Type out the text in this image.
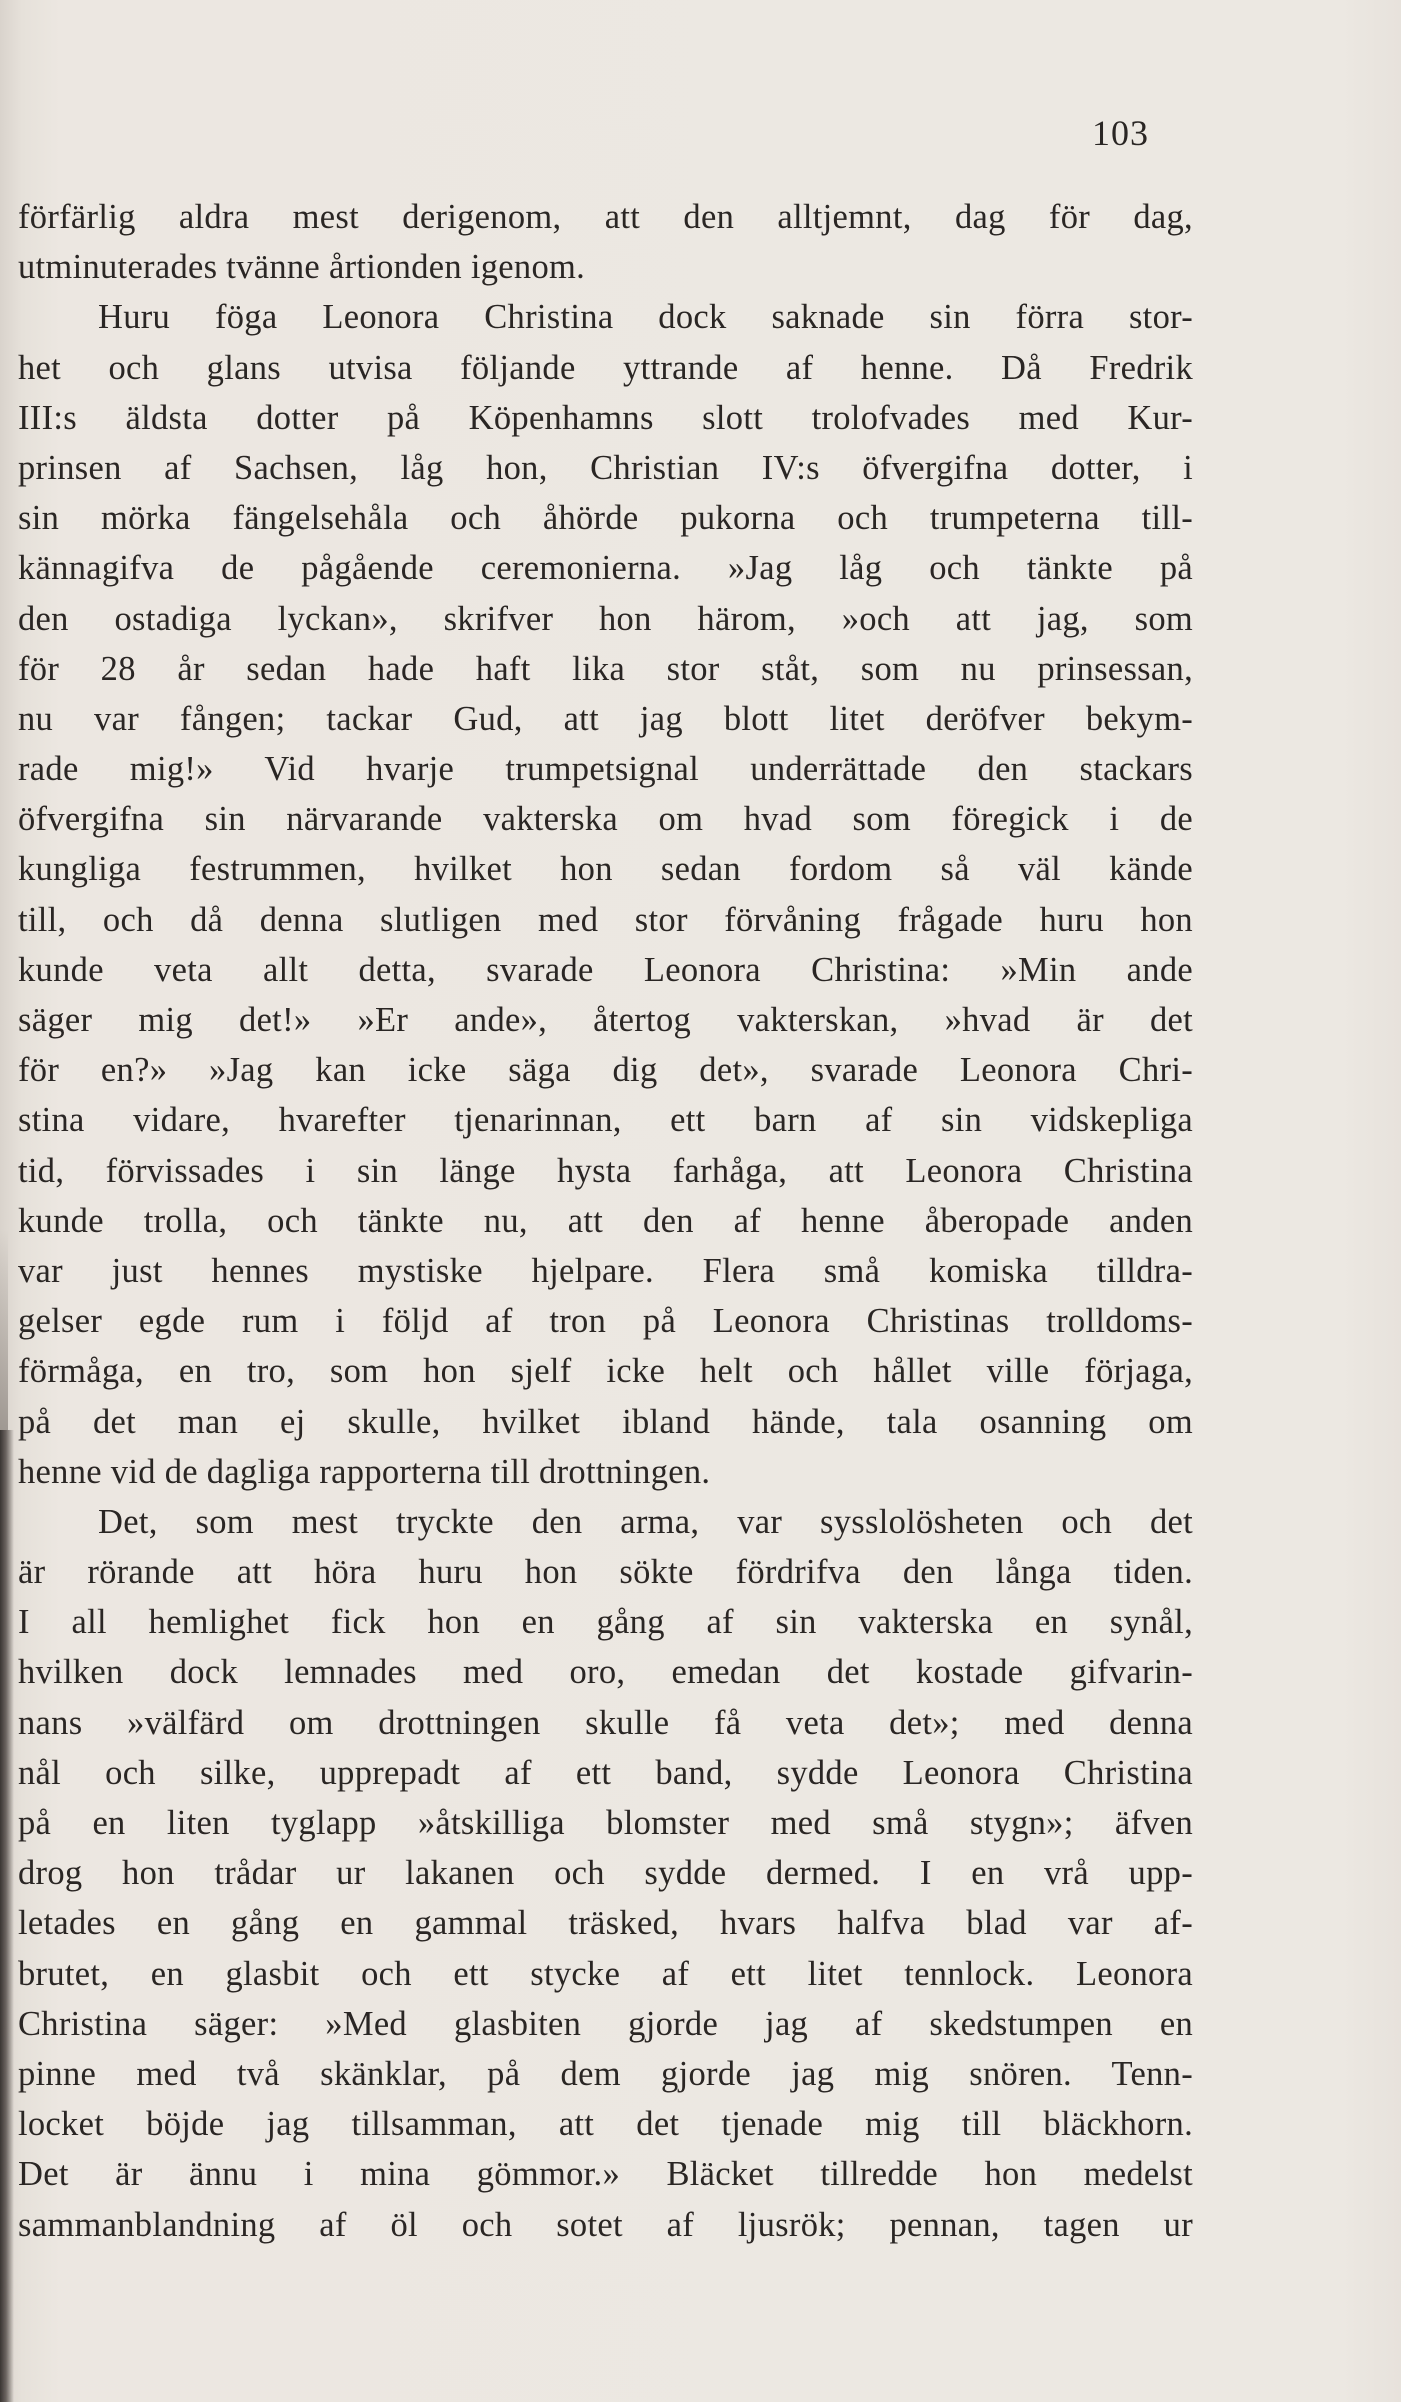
103
förfärlig aldra mest derigenom, att den alltjemnt, dag för dag,
utminuterades tvänne årtionden igenom.
Huru föga Leonora Christina dock saknade sin förra stor-
het och glans utvisa följande yttrande af henne. Då Fredrik
III:s äldsta dotter på Köpenhamns slott trolofvades med Kur-
prinsen af Sachsen, låg hon, Christian IV:s öfvergifna dotter, i
sin mörka fängelsehåla och åhörde pukorna och trumpeterna till-
kännagifva de pågående ceremonierna. »Jag låg och tänkte på
den ostadiga lyckan», skrifver hon härom, »och att jag, som
för 28 år sedan hade haft lika stor ståt, som nu prinsessan,
nu var fången; tackar Gud, att jag blott litet deröfver bekym-
rade mig!» Vid hvarje trumpetsignal underrättade den stackars
öfvergifna sin närvarande vakterska om hvad som föregick i de
kungliga festrummen, hvilket hon sedan fordom så väl kände
till, och då denna slutligen med stor förvåning frågade huru hon
kunde veta allt detta, svarade Leonora Christina: »Min ande
säger mig det!» »Er ande», återtog vakterskan, »hvad är det
för en?» »Jag kan icke säga dig det», svarade Leonora Chri-
stina vidare, hvarefter tjenarinnan, ett barn af sin vidskepliga
tid, förvissades i sin länge hysta farhåga, att Leonora Christina
kunde trolla, och tänkte nu, att den af henne åberopade anden
var just hennes mystiske hjelpare. Flera små komiska tilldra-
gelser egde rum i följd af tron på Leonora Christinas trolldoms-
förmåga, en tro, som hon sjelf icke helt och hållet ville förjaga,
på det man ej skulle, hvilket ibland hände, tala osanning om
henne vid de dagliga rapporterna till drottningen.
Det, som mest tryckte den arma, var sysslolösheten och det
är rörande att höra huru hon sökte fördrifva den långa tiden.
I all hemlighet fick hon en gång af sin vakterska en synål,
hvilken dock lemnades med oro, emedan det kostade gifvarin-
nans »välfärd om drottningen skulle få veta det»; med denna
nål och silke, upprepadt af ett band, sydde Leonora Christina
på en liten tyglapp »åtskilliga blomster med små stygn»; äfven
drog hon trådar ur lakanen och sydde dermed. I en vrå upp-
letades en gång en gammal träsked, hvars halfva blad var af-
brutet, en glasbit och ett stycke af ett litet tennlock. Leonora
Christina säger: »Med glasbiten gjorde jag af skedstumpen en
pinne med två skänklar, på dem gjorde jag mig snören. Tenn-
locket böjde jag tillsamman, att det tjenade mig till bläckhorn.
Det är ännu i mina gömmor.» Bläcket tillredde hon medelst
sammanblandning af öl och sotet af ljusrök; pennan, tagen ur
